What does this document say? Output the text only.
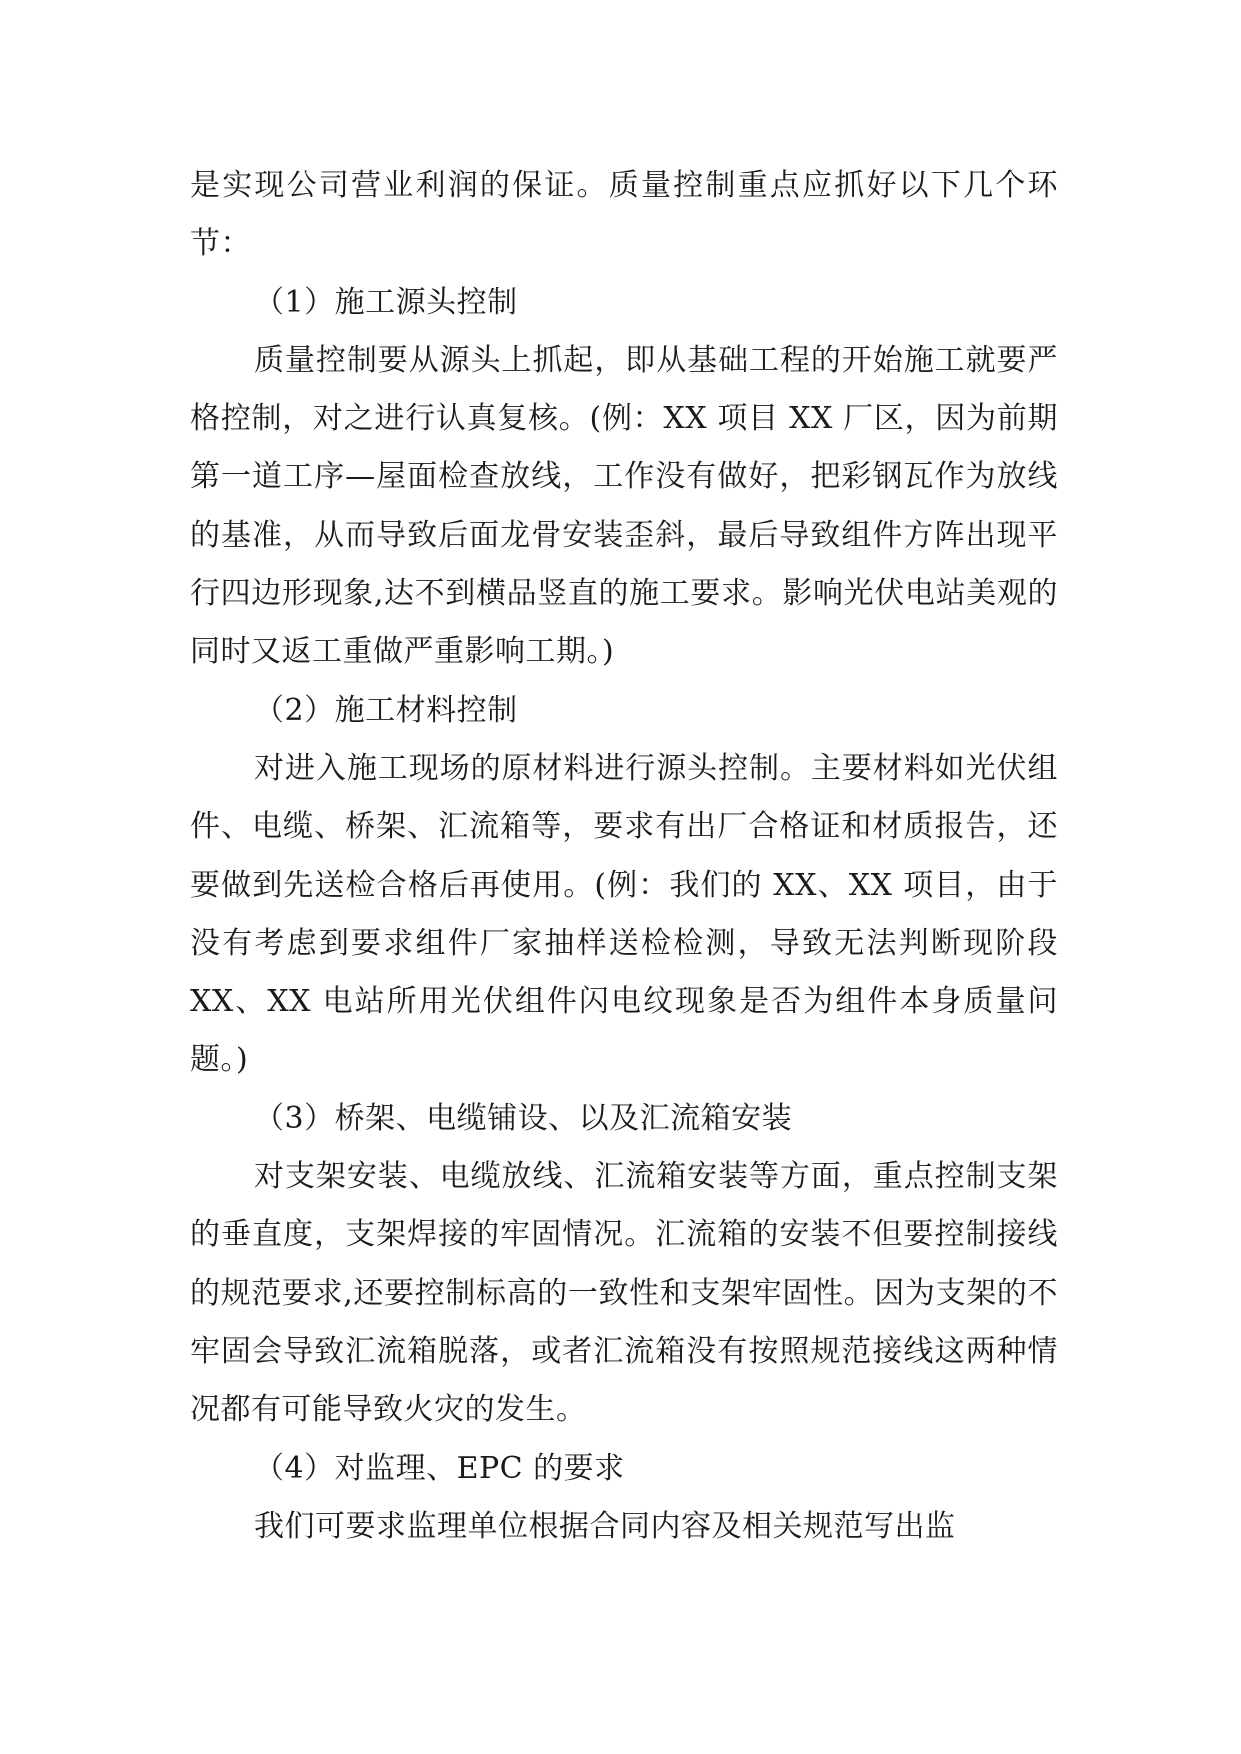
是实现公司营业利润的保证。质量控制重点应抓好以下几个环节：

（1）施工源头控制

质量控制要从源头上抓起，即从基础工程的开始施工就要严格控制，对之进行认真复核。(例：XX 项目 XX 厂区，因为前期第一道工序—屋面检查放线，工作没有做好，把彩钢瓦作为放线的基准，从而导致后面龙骨安装歪斜，最后导致组件方阵出现平行四边形现象,达不到横品竖直的施工要求。影响光伏电站美观的同时又返工重做严重影响工期。)

（2）施工材料控制

对进入施工现场的原材料进行源头控制。主要材料如光伏组件、电缆、桥架、汇流箱等，要求有出厂合格证和材质报告，还要做到先送检合格后再使用。(例：我们的 XX、XX 项目，由于没有考虑到要求组件厂家抽样送检检测，导致无法判断现阶段 XX、XX 电站所用光伏组件闪电纹现象是否为组件本身质量问题。)

（3）桥架、电缆铺设、以及汇流箱安装

对支架安装、电缆放线、汇流箱安装等方面，重点控制支架的垂直度，支架焊接的牢固情况。汇流箱的安装不但要控制接线的规范要求,还要控制标高的一致性和支架牢固性。因为支架的不牢固会导致汇流箱脱落，或者汇流箱没有按照规范接线这两种情况都有可能导致火灾的发生。

（4）对监理、EPC 的要求

我们可要求监理单位根据合同内容及相关规范写出监
